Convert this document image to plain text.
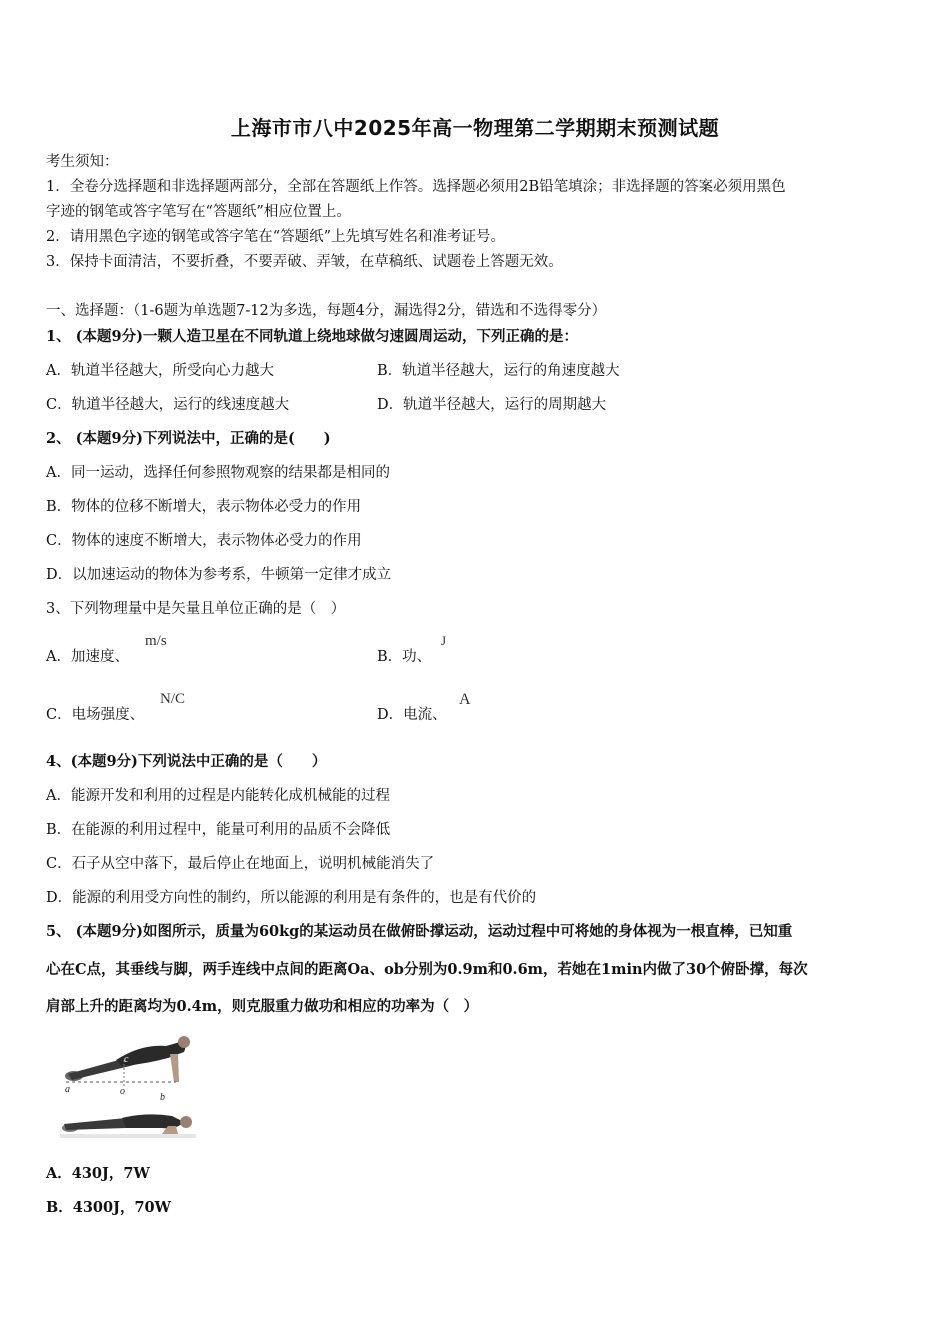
上海市市八中2025年高一物理第二学期期末预测试题
考生须知：
1．全卷分选择题和非选择题两部分，全部在答题纸上作答。选择题必须用2B铅笔填涂；非选择题的答案必须用黑色
字迹的钢笔或答字笔写在“答题纸”相应位置上。
2．请用黑色字迹的钢笔或答字笔在“答题纸”上先填写姓名和准考证号。
3．保持卡面清洁，不要折叠，不要弄破、弄皱，在草稿纸、试题卷上答题无效。
一、选择题：（1-6题为单选题7-12为多选，每题4分，漏选得2分，错选和不选得零分）
1、 (本题9分)一颗人造卫星在不同轨道上绕地球做匀速圆周运动，下列正确的是：
A．轨道半径越大，所受向心力越大	B．轨道半径越大，运行的角速度越大
C．轨道半径越大，运行的线速度越大	D．轨道半径越大，运行的周期越大
2、 (本题9分)下列说法中，正确的是(　　)
A．同一运动，选择任何参照物观察的结果都是相同的
B．物体的位移不断增大，表示物体必受力的作用
C．物体的速度不断增大，表示物体必受力的作用
D．以加速运动的物体为参考系，牛顿第一定律才成立
3、下列物理量中是矢量且单位正确的是（　）
A．加速度、
m/s
B．功、
J
C．电场强度、
N/C
D．电流、
A
4、(本题9分)下列说法中正确的是（　　）
A．能源开发和利用的过程是内能转化成机械能的过程
B．在能源的利用过程中，能量可利用的品质不会降低
C．石子从空中落下，最后停止在地面上，说明机械能消失了
D．能源的利用受方向性的制约，所以能源的利用是有条件的，也是有代价的
5、 (本题9分)如图所示，质量为60kg的某运动员在做俯卧撑运动，运动过程中可将她的身体视为一根直棒，已知重
心在C点，其垂线与脚，两手连线中点间的距离Oa、ob分别为0.9m和0.6m，若她在1min内做了30个俯卧撑，每次
肩部上升的距离均为0.4m，则克服重力做功和相应的功率为（　）
c
a	o
b
A．430J，7W
B．4300J，70W
